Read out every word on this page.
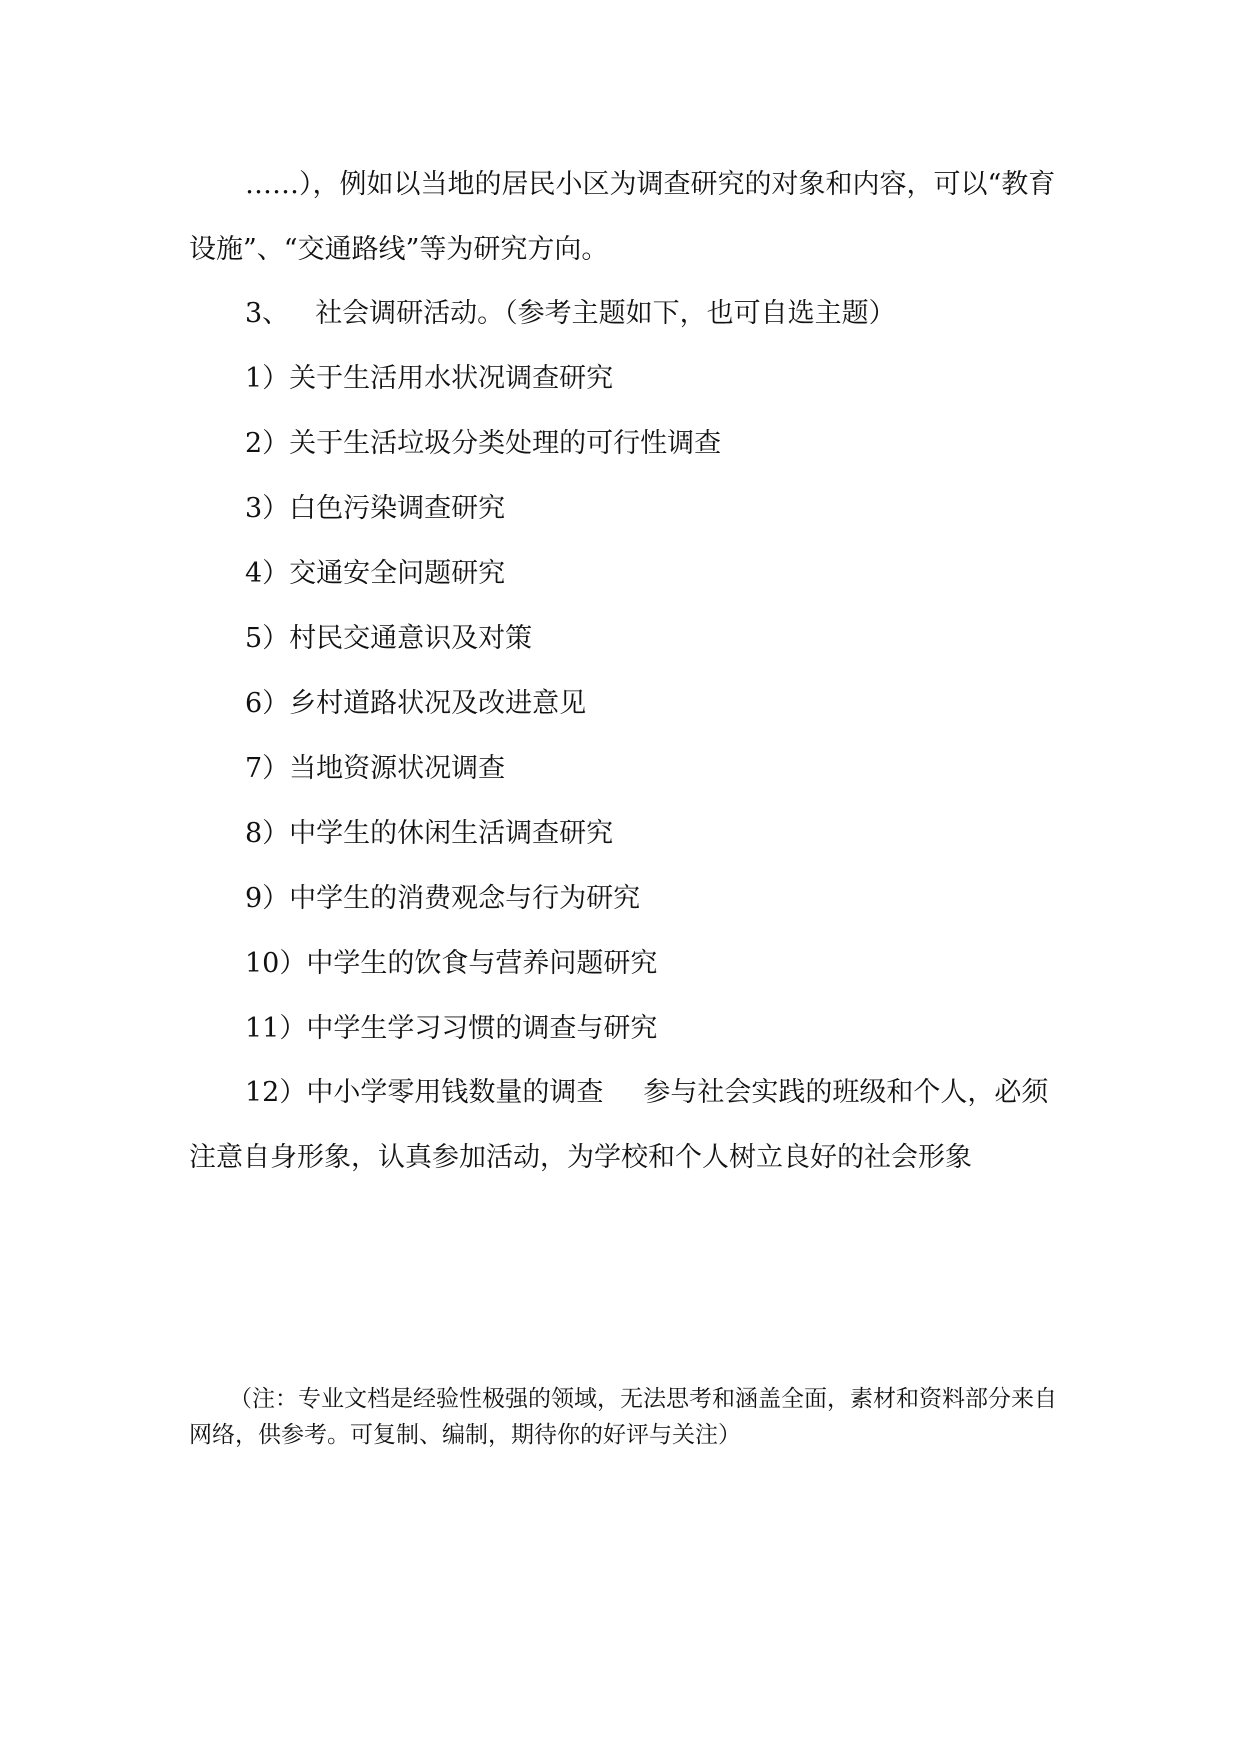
……），例如以当地的居民小区为调查研究的对象和内容，可以“教育设施”、“交通路线”等为研究方向。

3、 社会调研活动。（参考主题如下，也可自选主题）
1）关于生活用水状况调查研究
2）关于生活垃圾分类处理的可行性调查
3）白色污染调查研究
4）交通安全问题研究
5）村民交通意识及对策
6）乡村道路状况及改进意见
7）当地资源状况调查
8）中学生的休闲生活调查研究
9）中学生的消费观念与行为研究
10）中学生的饮食与营养问题研究
11）中学生学习习惯的调查与研究

12）中小学零用钱数量的调查 参与社会实践的班级和个人，必须注意自身形象，认真参加活动，为学校和个人树立良好的社会形象

（注：专业文档是经验性极强的领域，无法思考和涵盖全面，素材和资料部分来自网络，供参考。可复制、编制，期待你的好评与关注）
